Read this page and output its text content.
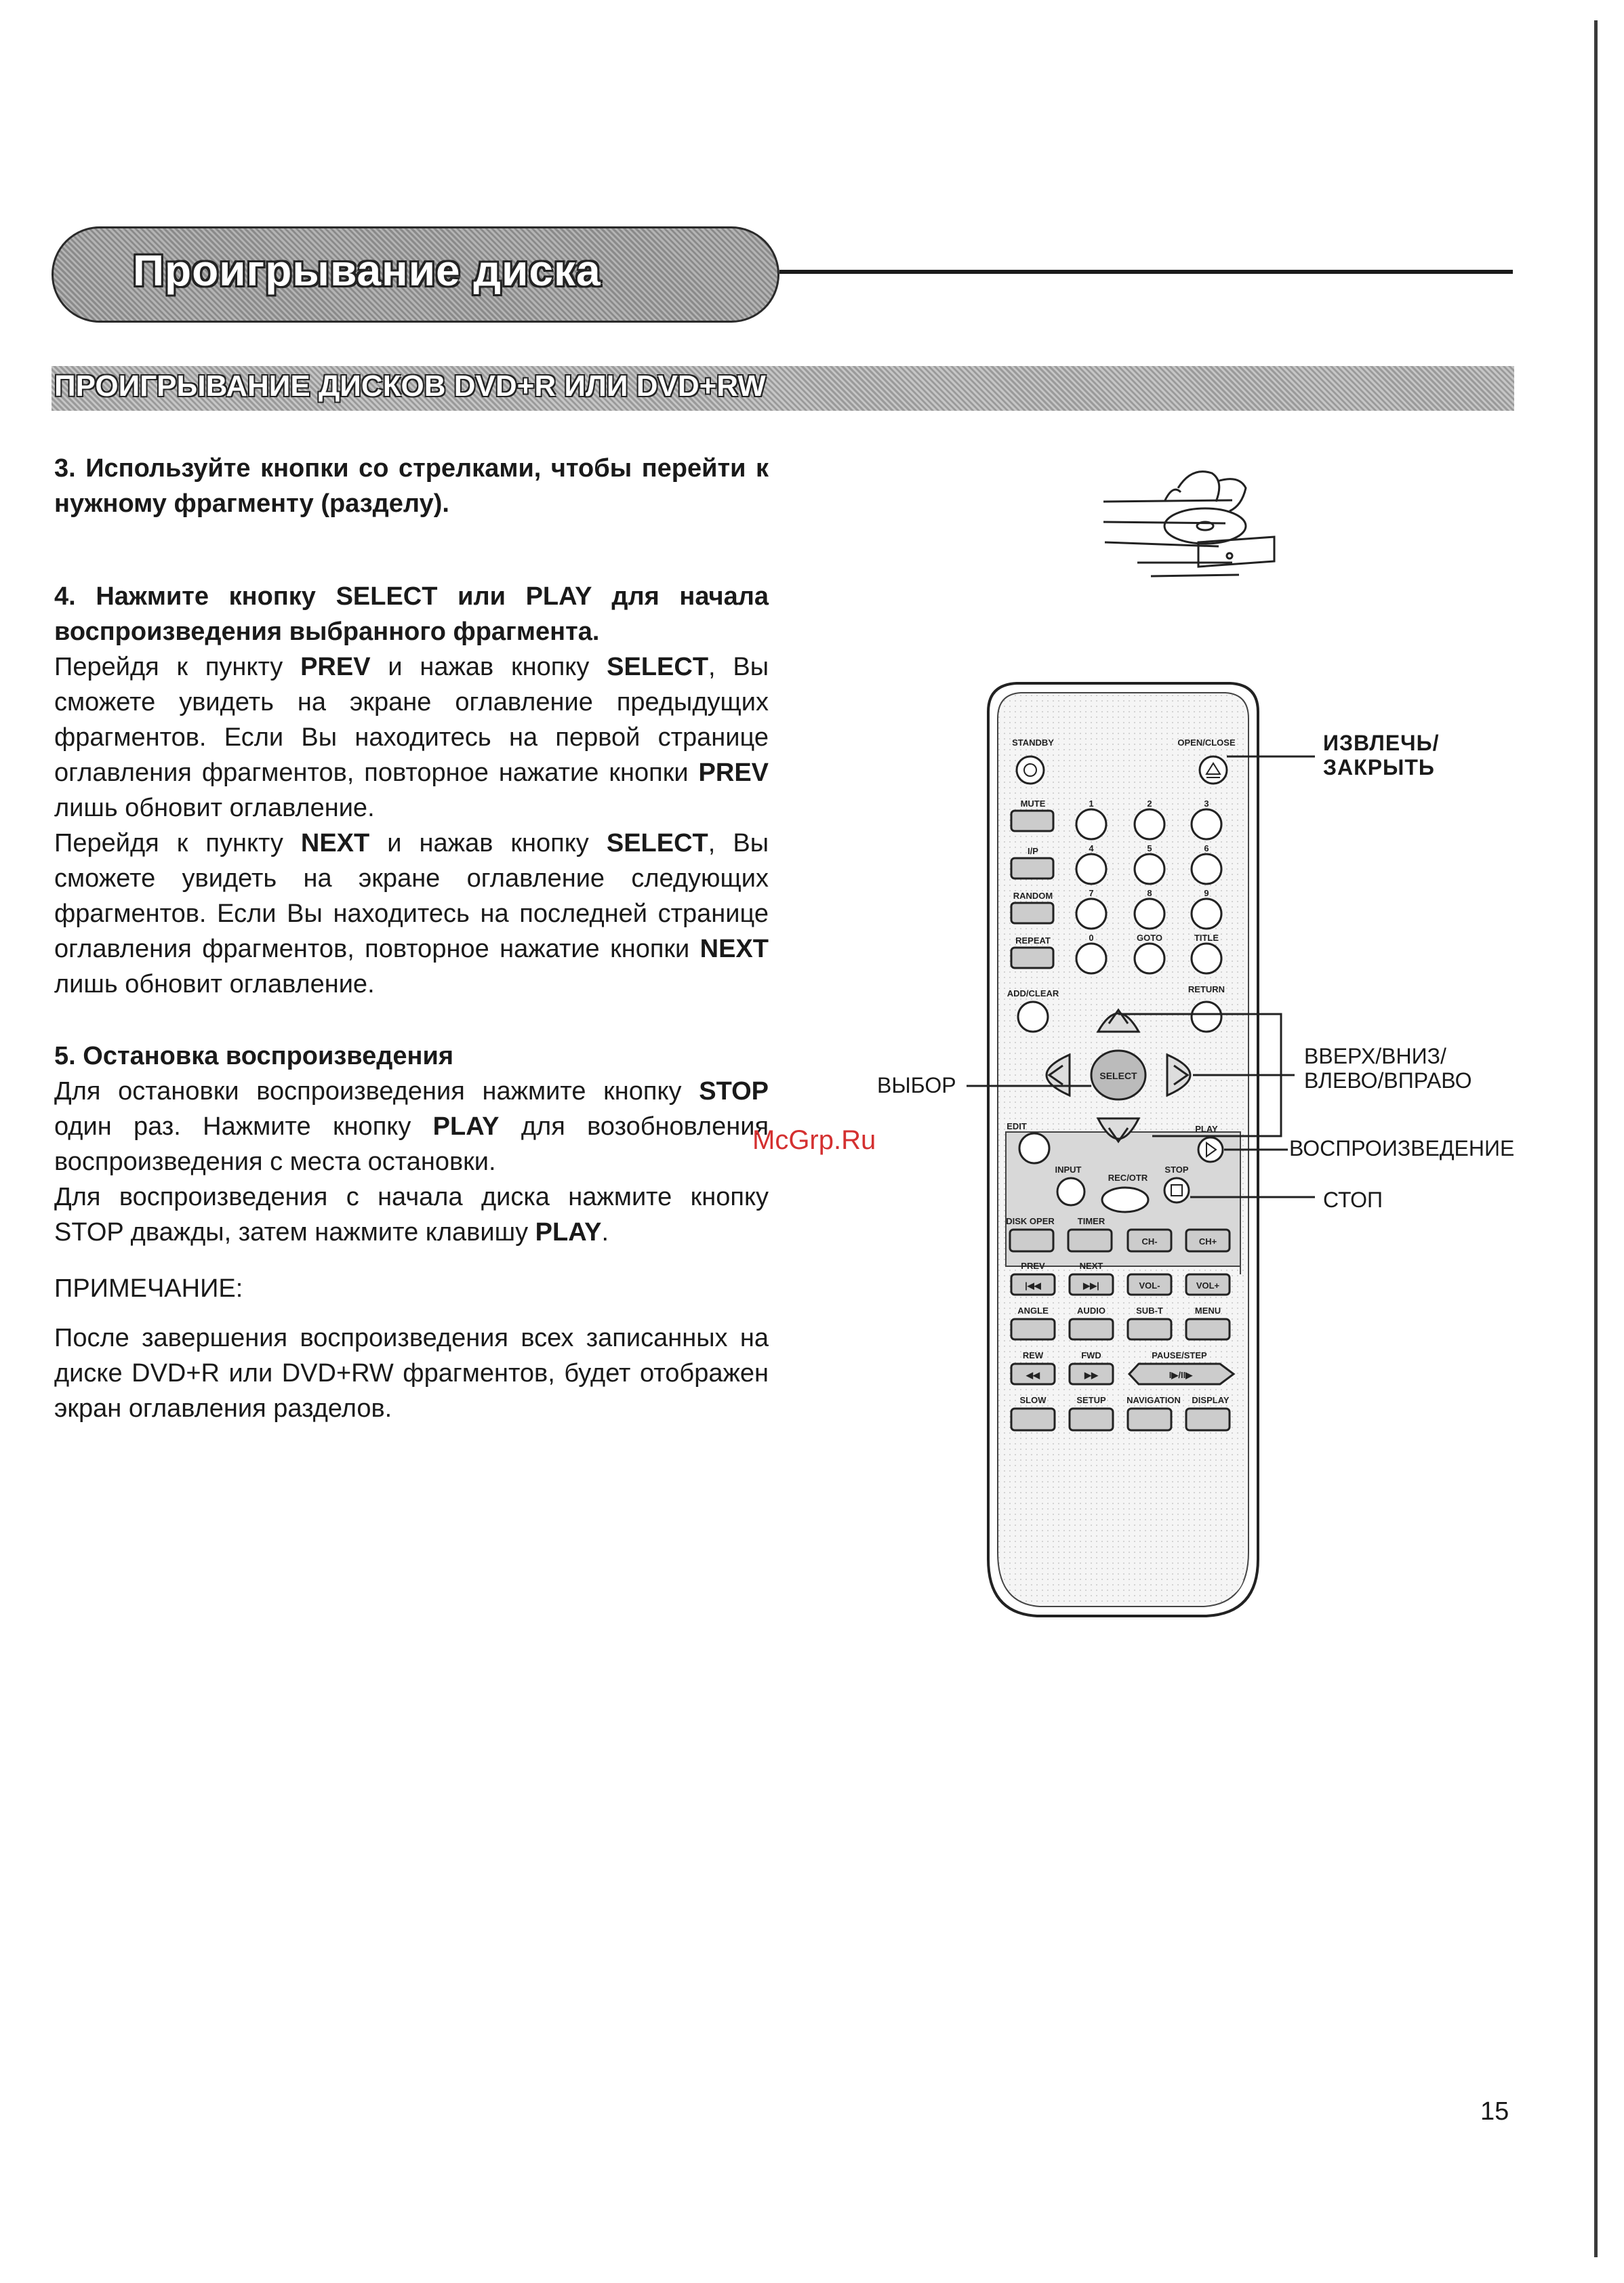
Проигрывание диска
ПРОИГРЫВАНИЕ ДИСКОВ DVD+R ИЛИ DVD+RW
3. Используйте кнопки со стрелками, чтобы перейти к нужному фрагменту (разделу).
4. Нажмите кнопку SELECT или PLAY для начала воспроизведения выбранного фрагмента.
Перейдя к пункту PREV и нажав кнопку SELECT, Вы сможете увидеть на экране оглавление предыдущих фрагментов. Если Вы находитесь на первой странице оглавления фрагментов, повторное нажатие кнопки PREV лишь обновит оглавление.
Перейдя к пункту NEXT и нажав кнопку SELECT, Вы сможете увидеть на экране оглавление следующих фрагментов. Если Вы находитесь на последней странице оглавления фрагментов, повторное нажатие кнопки NEXT лишь обновит оглавление.
5. Остановка воспроизведения
Для остановки воспроизведения нажмите кнопку STOP один раз. Нажмите кнопку PLAY для возобновления воспроизведения с места остановки.
Для воспроизведения с начала диска нажмите кнопку STOP дважды, затем нажмите клавишу PLAY.
ПРИМЕЧАНИЕ:
После завершения воспроизведения всех записанных на диске DVD+R или DVD+RW фрагментов, будет отображен экран оглавления разделов.
McGrp.Ru
15
STANDBY	OPEN/CLOSE
MUTE
I/P
RANDOM
REPEAT
1	2	3
4	5	6
7	8	9
0	GOTO	TITLE
ADD/CLEAR	RETURN
SELECT
EDIT	PLAY
INPUT
REC/OTR
STOP
DISK OPER	TIMER
CH-	CH+
PREV
|◀◀
NEXT
▶▶|	VOL-	VOL+
ANGLE	AUDIO	SUB-T	MENU
REW
◀◀
FWD
▶▶
PAUSE/STEP
I▶/II▶
SLOW	SETUP NAVIGATION DISPLAY
ИЗВЛЕЧЬ/
ЗАКРЫТЬ
ВВЕРХ/ВНИЗ/
ВЛЕВО/ВПРАВО
ВЫБОР
ВОСПРОИЗВЕДЕНИЕ
СТОП
